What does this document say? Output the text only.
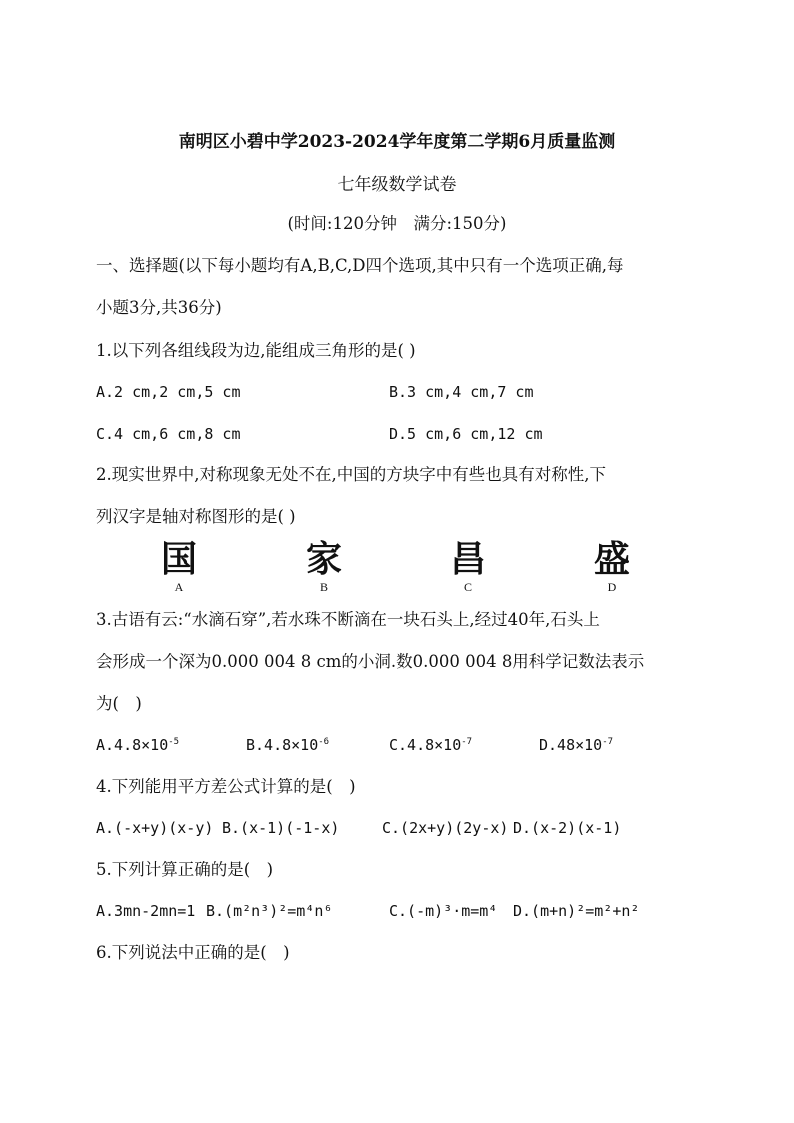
南明区小碧中学2023-2024学年度第二学期6月质量监测
七年级数学试卷
(时间:120分钟　满分:150分)
一、选择题(以下每小题均有A,B,C,D四个选项,其中只有一个选项正确,每
小题3分,共36分)
1.以下列各组线段为边,能组成三角形的是( )
A.2 cm,2 cm,5 cm	B.3 cm,4 cm,7 cm
C.4 cm,6 cm,8 cm	D.5 cm,6 cm,12 cm
2.现实世界中,对称现象无处不在,中国的方块字中有些也具有对称性,下
列汉字是轴对称图形的是( )
国
A
家
B
昌
C
盛
D
3.古语有云:“水滴石穿”,若水珠不断滴在一块石头上,经过40年,石头上
会形成一个深为0.000 004 8 cm的小洞.数0.000 004 8用科学记数法表示
为(　)
$A.4.8\times 10^{-5}$	$B.4.8\times 10^{-6}$	$C.4.8\times 10^{-7}$	$D.48\times 10^{-7}$
4.下列能用平方差公式计算的是(　)
A.(-x+y)(x-y) B.(x-1)(-1-x)	C.(2x+y)(2y-x) D.(x-2)(x-1)
5.下列计算正确的是(　)
A.3mn-2mn=1 B.(m²n³)²=m⁴n⁶	C.(-m)³·m=m⁴ D.(m+n)²=m²+n²
6.下列说法中正确的是(　)
